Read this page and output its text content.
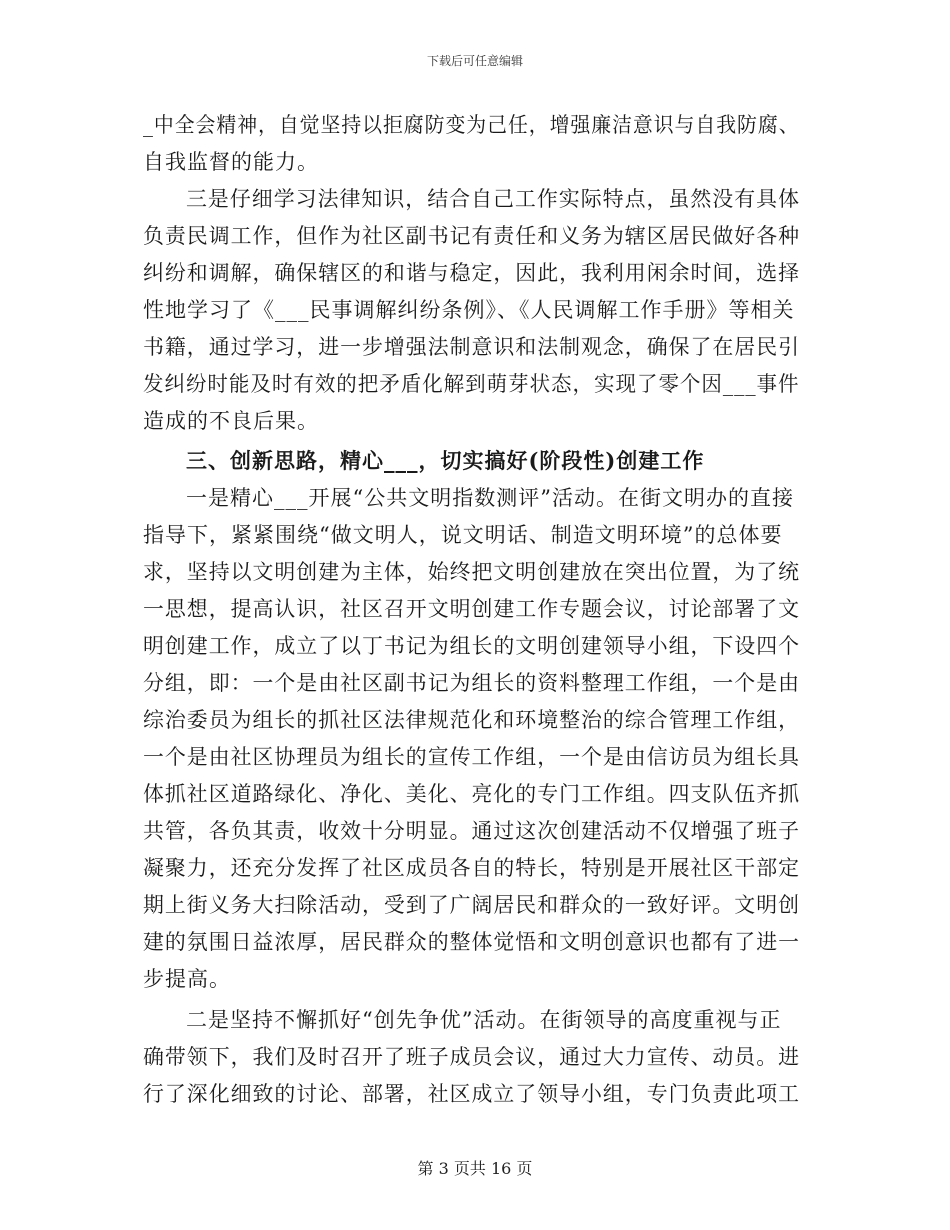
下载后可任意编辑
_中全会精神，自觉坚持以拒腐防变为己任，增强廉洁意识与自我防腐、
自我监督的能力。
三是仔细学习法律知识，结合自己工作实际特点，虽然没有具体
负责民调工作，但作为社区副书记有责任和义务为辖区居民做好各种
纠纷和调解，确保辖区的和谐与稳定，因此，我利用闲余时间，选择
性地学习了《___民事调解纠纷条例》、《人民调解工作手册》等相关
书籍，通过学习，进一步增强法制意识和法制观念，确保了在居民引
发纠纷时能及时有效的把矛盾化解到萌芽状态，实现了零个因___事件
造成的不良后果。
三、创新思路，精心___，切实搞好(阶段性)创建工作
一是精心___开展“公共文明指数测评”活动。在街文明办的直接
指导下，紧紧围绕“做文明人，说文明话、制造文明环境”的总体要
求，坚持以文明创建为主体，始终把文明创建放在突出位置，为了统
一思想，提高认识，社区召开文明创建工作专题会议，讨论部署了文
明创建工作，成立了以丁书记为组长的文明创建领导小组，下设四个
分组，即：一个是由社区副书记为组长的资料整理工作组，一个是由
综治委员为组长的抓社区法律规范化和环境整治的综合管理工作组，
一个是由社区协理员为组长的宣传工作组，一个是由信访员为组长具
体抓社区道路绿化、净化、美化、亮化的专门工作组。四支队伍齐抓
共管，各负其责，收效十分明显。通过这次创建活动不仅增强了班子
凝聚力，还充分发挥了社区成员各自的特长，特别是开展社区干部定
期上街义务大扫除活动，受到了广阔居民和群众的一致好评。文明创
建的氛围日益浓厚，居民群众的整体觉悟和文明创意识也都有了进一
步提高。
二是坚持不懈抓好“创先争优”活动。在街领导的高度重视与正
确带领下，我们及时召开了班子成员会议，通过大力宣传、动员。进
行了深化细致的讨论、部署，社区成立了领导小组，专门负责此项工
第 3 页共 16 页
